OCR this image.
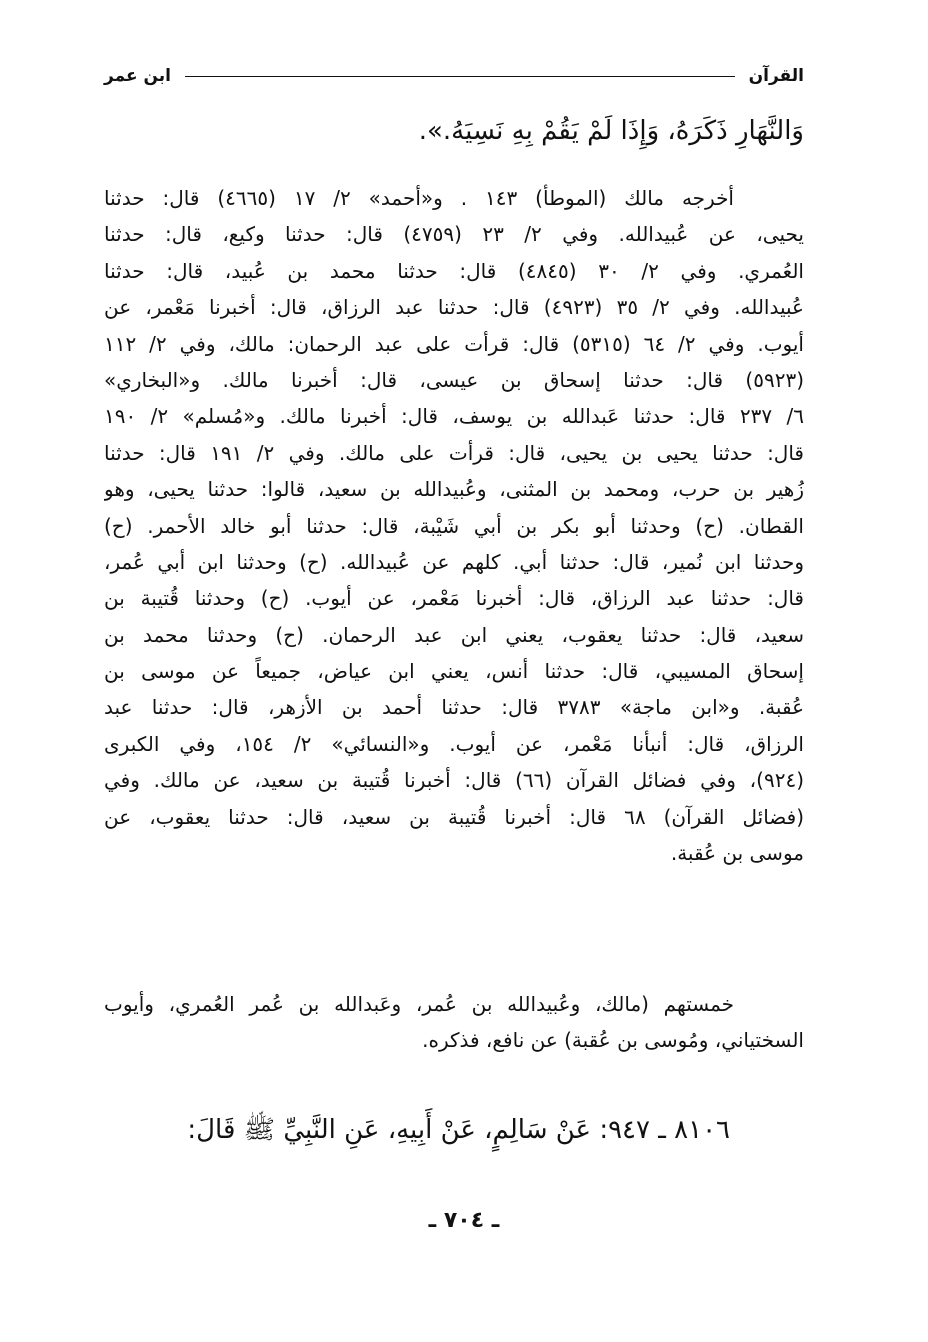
القرآن
ابن عمر
وَالنَّهَارِ ذَكَرَهُ، وَإِذَا لَمْ يَقُمْ بِهِ نَسِيَهُ.».
أخرجه مالك (الموطأ) ١٤٣ . و«أحمد» ٢/ ١٧ (٤٦٦٥) قال: حدثنا
يحيى، عن عُبيدالله. وفي ٢/ ٢٣ (٤٧٥٩) قال: حدثنا وكيع، قال: حدثنا
العُمري. وفي ٢/ ٣٠ (٤٨٤٥) قال: حدثنا محمد بن عُبيد، قال: حدثنا
عُبيدالله. وفي ٢/ ٣٥ (٤٩٢٣) قال: حدثنا عبد الرزاق، قال: أخبرنا مَعْمر، عن
أيوب. وفي ٢/ ٦٤ (٥٣١٥) قال: قرأت على عبد الرحمان: مالك، وفي ٢/ ١١٢
(٥٩٢٣) قال: حدثنا إسحاق بن عيسى، قال: أخبرنا مالك. و«البخاري»
٦/ ٢٣٧ قال: حدثنا عَبدالله بن يوسف، قال: أخبرنا مالك. و«مُسلم» ٢/ ١٩٠
قال: حدثنا يحيى بن يحيى، قال: قرأت على مالك. وفي ٢/ ١٩١ قال: حدثنا
زُهير بن حرب، ومحمد بن المثنى، وعُبيدالله بن سعيد، قالوا: حدثنا يحيى، وهو
القطان. (ح) وحدثنا أبو بكر بن أبي شَيْبة، قال: حدثنا أبو خالد الأحمر. (ح)
وحدثنا ابن نُمير، قال: حدثنا أبي. كلهم عن عُبيدالله. (ح) وحدثنا ابن أبي عُمر،
قال: حدثنا عبد الرزاق، قال: أخبرنا مَعْمر، عن أيوب. (ح) وحدثنا قُتيبة بن
سعيد، قال: حدثنا يعقوب، يعني ابن عبد الرحمان. (ح) وحدثنا محمد بن
إسحاق المسيبي، قال: حدثنا أنس، يعني ابن عياض، جميعاً عن موسى بن
عُقبة. و«ابن ماجة» ٣٧٨٣ قال: حدثنا أحمد بن الأزهر، قال: حدثنا عبد
الرزاق، قال: أنبأنا مَعْمر، عن أيوب. و«النسائي» ٢/ ١٥٤، وفي الكبرى
(٩٢٤)، وفي فضائل القرآن (٦٦) قال: أخبرنا قُتيبة بن سعيد، عن مالك. وفي
(فضائل القرآن) ٦٨ قال: أخبرنا قُتيبة بن سعيد، قال: حدثنا يعقوب، عن
موسى بن عُقبة.
خمستهم (مالك، وعُبيدالله بن عُمر، وعَبدالله بن عُمر العُمري، وأيوب
السختياني، ومُوسى بن عُقبة) عن نافع، فذكره.
٨١٠٦ ـ ٩٤٧: عَنْ سَالِمٍ، عَنْ أَبِيهِ، عَنِ النَّبِيِّ ﷺ قَالَ:
ـ ٧٠٤ ـ
